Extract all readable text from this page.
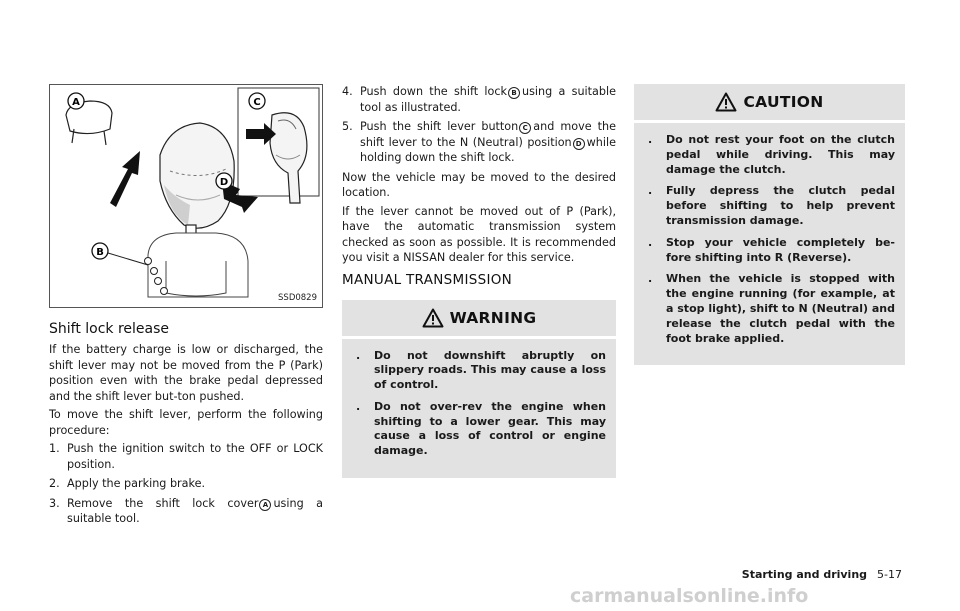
A
B
C
D
SSD0829
Shift lock release

If the battery charge is low or discharged, the shift lever may not be moved from the P (Park) position even with the brake pedal depressed and the shift lever but-ton pushed.

To move the shift lever, perform the following procedure:

1. Push the ignition switch to the OFF or LOCK position.
2. Apply the parking brake.
3. Remove the shift lock cover A using a suitable tool.
4. Push down the shift lock B using a suitable tool as illustrated.
5. Push the shift lever button C and move the shift lever to the N (Neutral) position D while holding down the shift lock.

Now the vehicle may be moved to the desired location.

If the lever cannot be moved out of P (Park), have the automatic transmission system checked as soon as possible. It is recommended you visit a NISSAN dealer for this service.

MANUAL TRANSMISSION
WARNING
. Do not downshift abruptly on slippery roads. This may cause a loss of control.
. Do not over-rev the engine when shifting to a lower gear. This may cause a loss of control or engine damage.
CAUTION
. Do not rest your foot on the clutch pedal while driving. This may damage the clutch.
. Fully depress the clutch pedal before shifting to help prevent transmission damage.
. Stop your vehicle completely be-fore shifting into R (Reverse).
. When the vehicle is stopped with the engine running (for example, at a stop light), shift to N (Neutral) and release the clutch pedal with the foot brake applied.
Starting and driving 5-17
carmanualsonline.info
